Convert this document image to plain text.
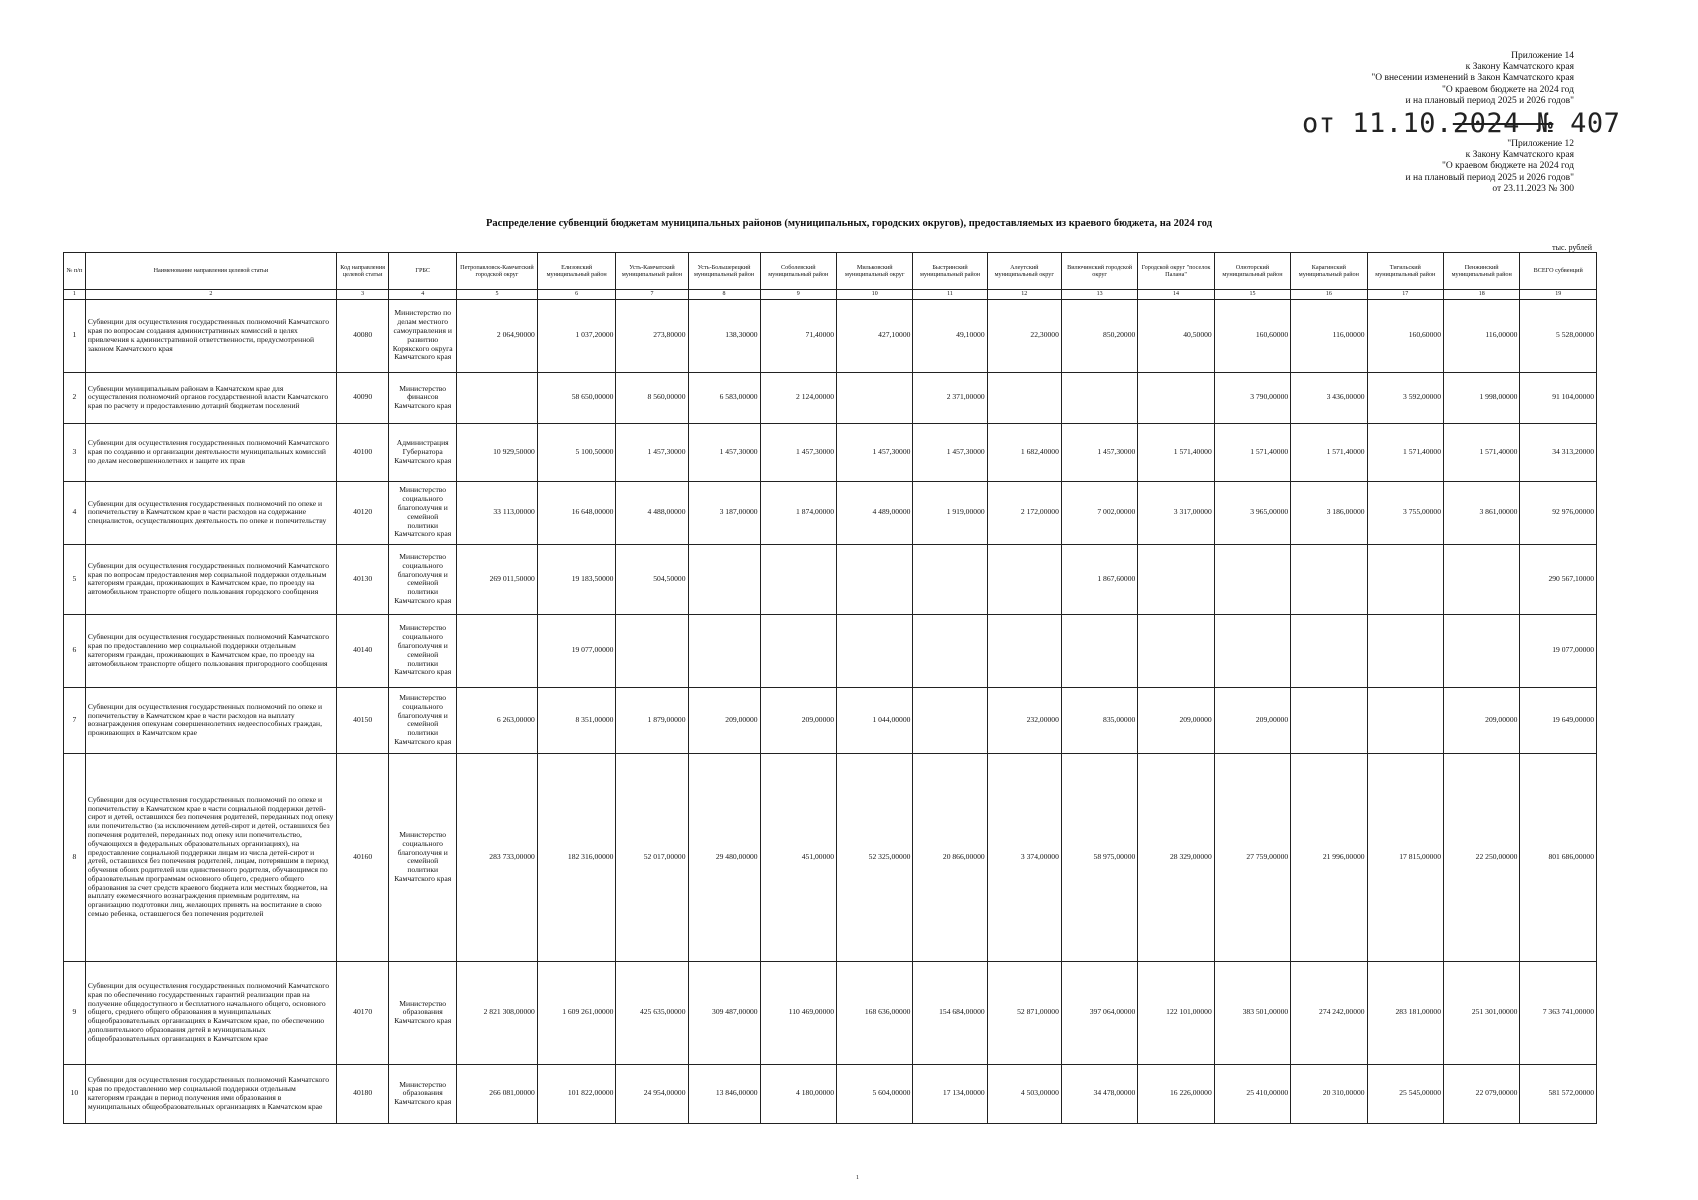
Приложение 14
к Закону Камчатского края
"О внесении изменений в Закон Камчатского края
"О краевом бюджете на 2024 год
и на плановый период 2025 и 2026 годов"
от 11.10.2024 № 407
"Приложение 12
к Закону Камчатского края
"О краевом бюджете на 2024 год
и на плановый период 2025 и 2026 годов"
от 23.11.2023 № 300
Распределение субвенций бюджетам муниципальных районов (муниципальных, городских округов), предоставляемых из краевого бюджета, на 2024 год
тыс. рублей
№ п/п	Наименование направления целевой статьи	Код направления целевой статьи	ГРБС	Петропавловск-Камчатский городской округ	Елизовский муниципальный район	Усть-Камчатский муниципальный район	Усть-Большерецкий муниципальный район	Соболевский муниципальный район	Мильковский муниципальный округ	Быстринский муниципальный район	Алеутский муниципальный округ	Вилючинский городской округ	Городской округ "поселок Палана"	Олюторский муниципальный район	Карагинский муниципальный район	Тигильский муниципальный район	Пенжинский муниципальный район	ВСЕГО субвенций
1	2	3	4	5	6	7	8	9	10	11	12	13	14	15	16	17	18	19
1	Субвенции для осуществления государственных полномочий Камчатского края по вопросам создания административных комиссий в целях привлечения к административной ответственности, предусмотренной законом Камчатского края	40080	Министерство по делам местного самоуправления и развитию Корякского округа Камчатского края	2 064,90000	1 037,20000	273,80000	138,30000	71,40000	427,10000	49,10000	22,30000	850,20000	40,50000	160,60000	116,00000	160,60000	116,00000	5 528,00000
2	Субвенции муниципальным районам в Камчатском крае для осуществления полномочий органов государственной власти Камчатского края по расчету и предоставлению дотаций бюджетам поселений	40090	Министерство финансов Камчатского края		58 650,00000	8 560,00000	6 583,00000	2 124,00000		2 371,00000				3 790,00000	3 436,00000	3 592,00000	1 998,00000	91 104,00000
3	Субвенции для осуществления государственных полномочий Камчатского края по созданию и организации деятельности муниципальных комиссий по делам несовершеннолетних и защите их прав	40100	Администрация Губернатора Камчатского края	10 929,50000	5 100,50000	1 457,30000	1 457,30000	1 457,30000	1 457,30000	1 457,30000	1 682,40000	1 457,30000	1 571,40000	1 571,40000	1 571,40000	1 571,40000	1 571,40000	34 313,20000
4	Субвенции для осуществления государственных полномочий по опеке и попечительству в Камчатском крае в части расходов на содержание специалистов, осуществляющих деятельность по опеке и попечительству	40120	Министерство социального благополучия и семейной политики Камчатского края	33 113,00000	16 648,00000	4 488,00000	3 187,00000	1 874,00000	4 489,00000	1 919,00000	2 172,00000	7 002,00000	3 317,00000	3 965,00000	3 186,00000	3 755,00000	3 861,00000	92 976,00000
5	Субвенции для осуществления государственных полномочий Камчатского края по вопросам предоставления мер социальной поддержки отдельным категориям граждан, проживающих в Камчатском крае, по проезду на автомобильном транспорте общего пользования городского сообщения	40130	Министерство социального благополучия и семейной политики Камчатского края	269 011,50000	19 183,50000	504,50000						1 867,60000						290 567,10000
6	Субвенции для осуществления государственных полномочий Камчатского края по предоставлению мер социальной поддержки отдельным категориям граждан, проживающих в Камчатском крае, по проезду на автомобильном транспорте общего пользования пригородного сообщения	40140	Министерство социального благополучия и семейной политики Камчатского края		19 077,00000													19 077,00000
7	Субвенции для осуществления государственных полномочий по опеке и попечительству в Камчатском крае в части расходов на выплату вознаграждения опекунам совершеннолетних недееспособных граждан, проживающих в Камчатском крае	40150	Министерство социального благополучия и семейной политики Камчатского края	6 263,00000	8 351,00000	1 879,00000	209,00000	209,00000	1 044,00000		232,00000	835,00000	209,00000	209,00000			209,00000	19 649,00000
8	Субвенции для осуществления государственных полномочий по опеке и попечительству в Камчатском крае в части социальной поддержки детей-сирот и детей, оставшихся без попечения родителей, переданных под опеку или попечительство (за исключением детей-сирот и детей, оставшихся без попечения родителей, переданных под опеку или попечительство, обучающихся в федеральных образовательных организациях), на предоставление социальной поддержки лицам из числа детей-сирот и детей, оставшихся без попечения родителей, лицам, потерявшим в период обучения обоих родителей или единственного родителя, обучающимся по образовательным программам основного общего, среднего общего образования за счет средств краевого бюджета или местных бюджетов, на выплату ежемесячного вознаграждения приемным родителям, на организацию подготовки лиц, желающих принять на воспитание в свою семью ребенка, оставшегося без попечения родителей	40160	Министерство социального благополучия и семейной политики Камчатского края	283 733,00000	182 316,00000	52 017,00000	29 480,00000	451,00000	52 325,00000	20 866,00000	3 374,00000	58 975,00000	28 329,00000	27 759,00000	21 996,00000	17 815,00000	22 250,00000	801 686,00000
9	Субвенции для осуществления государственных полномочий Камчатского края по обеспечению государственных гарантий реализации прав на получение общедоступного и бесплатного начального общего, основного общего, среднего общего образования в муниципальных общеобразовательных организациях в Камчатском крае, по обеспечению дополнительного образования детей в муниципальных общеобразовательных организациях в Камчатском крае	40170	Министерство образования Камчатского края	2 821 308,00000	1 609 261,00000	425 635,00000	309 487,00000	110 469,00000	168 636,00000	154 684,00000	52 871,00000	397 064,00000	122 101,00000	383 501,00000	274 242,00000	283 181,00000	251 301,00000	7 363 741,00000
10	Субвенции для осуществления государственных полномочий Камчатского края по предоставлению мер социальной поддержки отдельным категориям граждан в период получения ими образования в муниципальных общеобразовательных организациях в Камчатском крае	40180	Министерство образования Камчатского края	266 081,00000	101 822,00000	24 954,00000	13 846,00000	4 180,00000	5 604,00000	17 134,00000	4 503,00000	34 478,00000	16 226,00000	25 410,00000	20 310,00000	25 545,00000	22 079,00000	581 572,00000
1
